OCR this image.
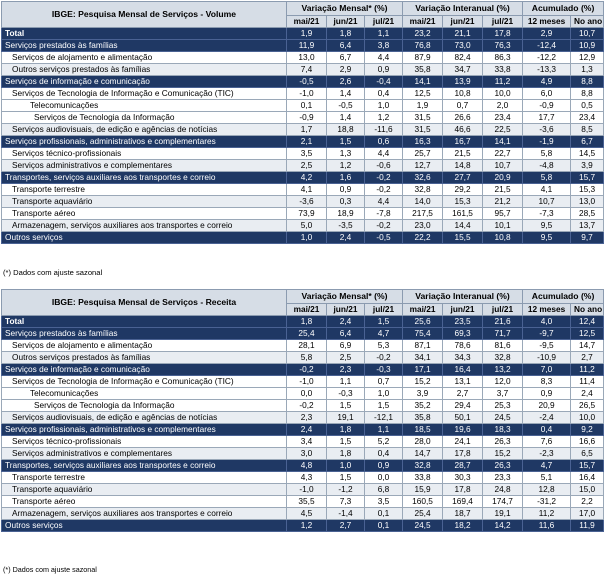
IBGE: Pesquisa Mensal de Serviços - Volume	Variação Mensal* (%)			Variação Interanual (%)			Acumulado (%)	
	mai/21	jun/21	jul/21	mai/21	jun/21	jul/21	12 meses	No ano
Total	1,9	1,8	1,1	23,2	21,1	17,8	2,9	10,7
Serviços prestados às famílias	11,9	6,4	3,8	76,8	73,0	76,3	-12,4	10,9
Serviços de alojamento e alimentação	13,0	6,7	4,4	87,9	82,4	86,3	-12,2	12,9
Outros serviços prestados às famílias	7,4	2,9	0,9	35,8	34,7	33,8	-13,3	1,3
Serviços de informação e comunicação	-0,5	2,6	-0,4	14,1	13,9	11,2	4,9	8,8
Serviços de Tecnologia de Informação e Comunicação (TIC)	-1,0	1,4	0,4	12,5	10,8	10,0	6,0	8,8
Telecomunicações	0,1	-0,5	1,0	1,9	0,7	2,0	-0,9	0,5
Serviços de Tecnologia da Informação	-0,9	1,4	1,2	31,5	26,6	23,4	17,7	23,4
Serviços audiovisuais, de edição e agências de notícias	1,7	18,8	-11,6	31,5	46,6	22,5	-3,6	8,5
Serviços profissionais, administrativos e complementares	2,1	1,5	0,6	16,3	16,7	14,1	-1,9	6,7
Serviços técnico-profissionais	3,5	1,3	4,4	25,7	21,5	22,7	5,8	14,5
Serviços administrativos e complementares	2,5	1,2	-0,6	12,7	14,8	10,7	-4,8	3,9
Transportes, serviços auxiliares aos transportes e correio	4,2	1,6	-0,2	32,6	27,7	20,9	5,8	15,7
Transporte terrestre	4,1	0,9	-0,2	32,8	29,2	21,5	4,1	15,3
Transporte aquaviário	-3,6	0,3	4,4	14,0	15,3	21,2	10,7	13,0
Transporte aéreo	73,9	18,9	-7,8	217,5	161,5	95,7	-7,3	28,5
Armazenagem, serviços auxiliares aos transportes e correio	5,0	-3,5	-0,2	23,0	14,4	10,1	9,5	13,7
Outros serviços	1,0	2,4	-0,5	22,2	15,5	10,8	9,5	9,7
(*) Dados com ajuste sazonal
IBGE: Pesquisa Mensal de Serviços - Receita	Variação Mensal* (%)			Variação Interanual (%)			Acumulado (%)	
	mai/21	jun/21	jul/21	mai/21	jun/21	jul/21	12 meses	No ano
Total	1,8	2,4	1,5	25,6	23,5	21,6	4,0	12,4
Serviços prestados às famílias	25,4	6,4	4,7	75,4	69,3	71,7	-9,7	12,5
Serviços de alojamento e alimentação	28,1	6,9	5,3	87,1	78,6	81,6	-9,5	14,7
Outros serviços prestados às famílias	5,8	2,5	-0,2	34,1	34,3	32,8	-10,9	2,7
Serviços de informação e comunicação	-0,2	2,3	-0,3	17,1	16,4	13,2	7,0	11,2
Serviços de Tecnologia de Informação e Comunicação (TIC)	-1,0	1,1	0,7	15,2	13,1	12,0	8,3	11,4
Telecomunicações	0,0	-0,3	1,0	3,9	2,7	3,7	0,9	2,4
Serviços de Tecnologia da Informação	-0,2	1,5	1,5	35,2	29,4	25,3	20,9	26,5
Serviços audiovisuais, de edição e agências de notícias	2,3	19,1	-12,1	35,8	50,1	24,5	-2,4	10,0
Serviços profissionais, administrativos e complementares	2,4	1,8	1,1	18,5	19,6	18,3	0,4	9,2
Serviços técnico-profissionais	3,4	1,5	5,2	28,0	24,1	26,3	7,6	16,6
Serviços administrativos e complementares	3,0	1,8	0,4	14,7	17,8	15,2	-2,3	6,5
Transportes, serviços auxiliares aos transportes e correio	4,8	1,0	0,9	32,8	28,7	26,3	4,7	15,7
Transporte terrestre	4,3	1,5	0,0	33,8	30,3	23,3	5,1	16,4
Transporte aquaviário	-1,0	-1,2	6,8	15,9	17,8	24,8	12,8	15,0
Transporte aéreo	35,5	7,3	3,5	160,5	169,4	174,7	-31,2	2,2
Armazenagem, serviços auxiliares aos transportes e correio	4,5	-1,4	0,1	25,4	18,7	19,1	11,2	17,0
Outros serviços	1,2	2,7	0,1	24,5	18,2	14,2	11,6	11,9
(*) Dados com ajuste sazonal
